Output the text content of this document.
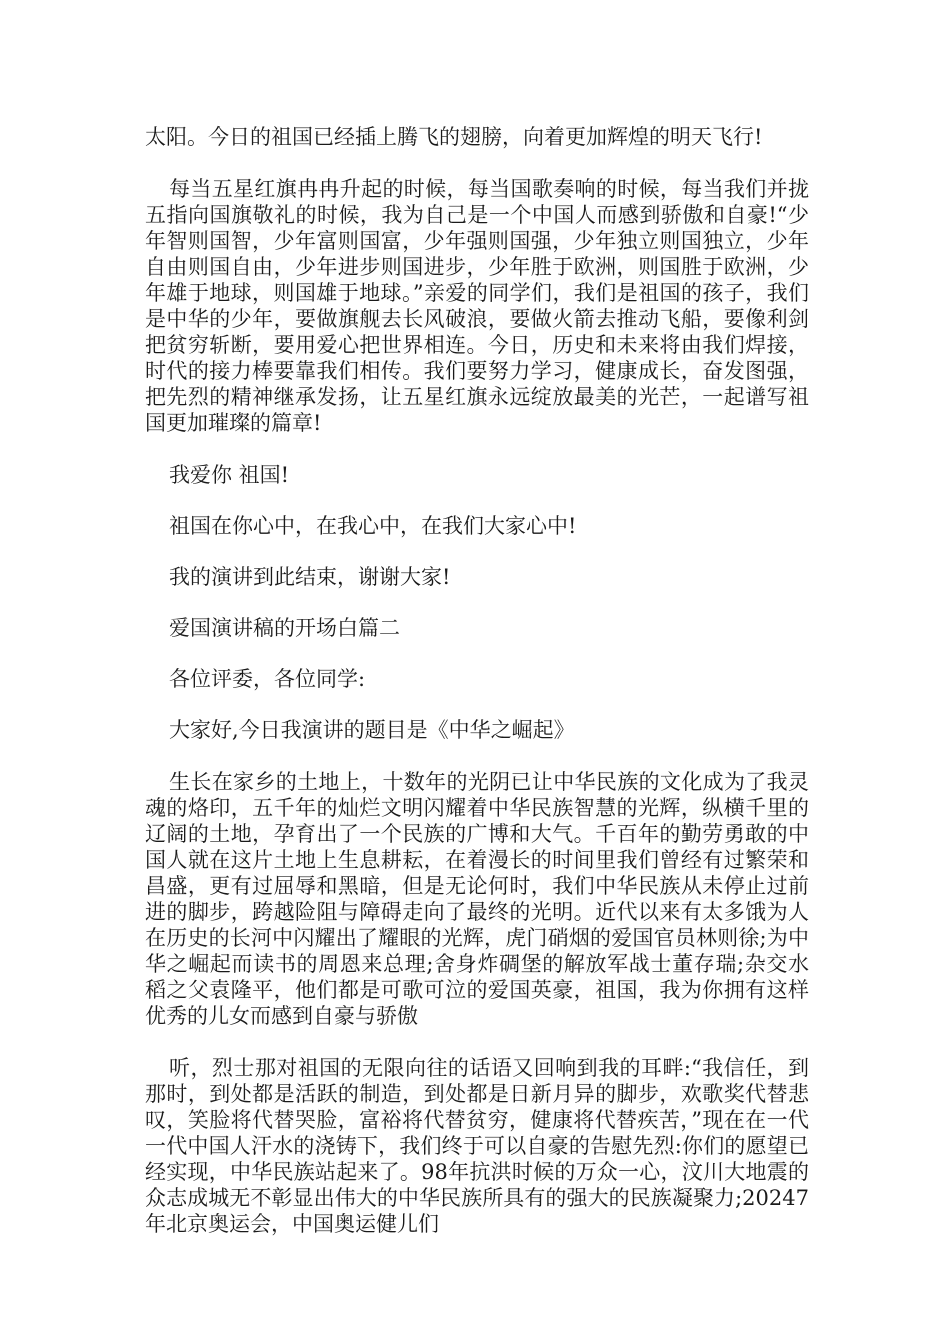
太阳。今日的祖国已经插上腾飞的翅膀，向着更加辉煌的明天飞行!

每当五星红旗冉冉升起的时候，每当国歌奏响的时候，每当我们并拢五指向国旗敬礼的时候，我为自己是一个中国人而感到骄傲和自豪!“少年智则国智，少年富则国富，少年强则国强，少年独立则国独立，少年自由则国自由，少年进步则国进步，少年胜于欧洲，则国胜于欧洲，少年雄于地球，则国雄于地球。”亲爱的同学们，我们是祖国的孩子，我们是中华的少年，要做旗舰去长风破浪，要做火箭去推动飞船，要像利剑把贫穷斩断，要用爱心把世界相连。今日，历史和未来将由我们焊接，时代的接力棒要靠我们相传。我们要努力学习，健康成长，奋发图强，把先烈的精神继承发扬，让五星红旗永远绽放最美的光芒，一起谱写祖国更加璀璨的篇章!

我爱你 祖国!

祖国在你心中，在我心中，在我们大家心中!

我的演讲到此结束，谢谢大家!

爱国演讲稿的开场白篇二

各位评委，各位同学:

大家好,今日我演讲的题目是《中华之崛起》

生长在家乡的土地上，十数年的光阴已让中华民族的文化成为了我灵魂的烙印，五千年的灿烂文明闪耀着中华民族智慧的光辉，纵横千里的辽阔的土地，孕育出了一个民族的广博和大气。千百年的勤劳勇敢的中国人就在这片土地上生息耕耘，在着漫长的时间里我们曾经有过繁荣和昌盛，更有过屈辱和黑暗，但是无论何时，我们中华民族从未停止过前进的脚步，跨越险阻与障碍走向了最终的光明。近代以来有太多饿为人在历史的长河中闪耀出了耀眼的光辉，虎门硝烟的爱国官员林则徐;为中华之崛起而读书的周恩来总理;舍身炸碉堡的解放军战士董存瑞;杂交水稻之父袁隆平，他们都是可歌可泣的爱国英豪，祖国，我为你拥有这样优秀的儿女而感到自豪与骄傲

听，烈士那对祖国的无限向往的话语又回响到我的耳畔:“我信任，到那时，到处都是活跃的制造，到处都是日新月异的脚步，欢歌奖代替悲叹，笑脸将代替哭脸，富裕将代替贫穷，健康将代替疾苦，”现在在一代一代中国人汗水的浇铸下，我们终于可以自豪的告慰先烈:你们的愿望已经实现，中华民族站起来了。98年抗洪时候的万众一心，汶川大地震的众志成城无不彰显出伟大的中华民族所具有的强大的民族凝聚力;20247年北京奥运会，中国奥运健儿们
